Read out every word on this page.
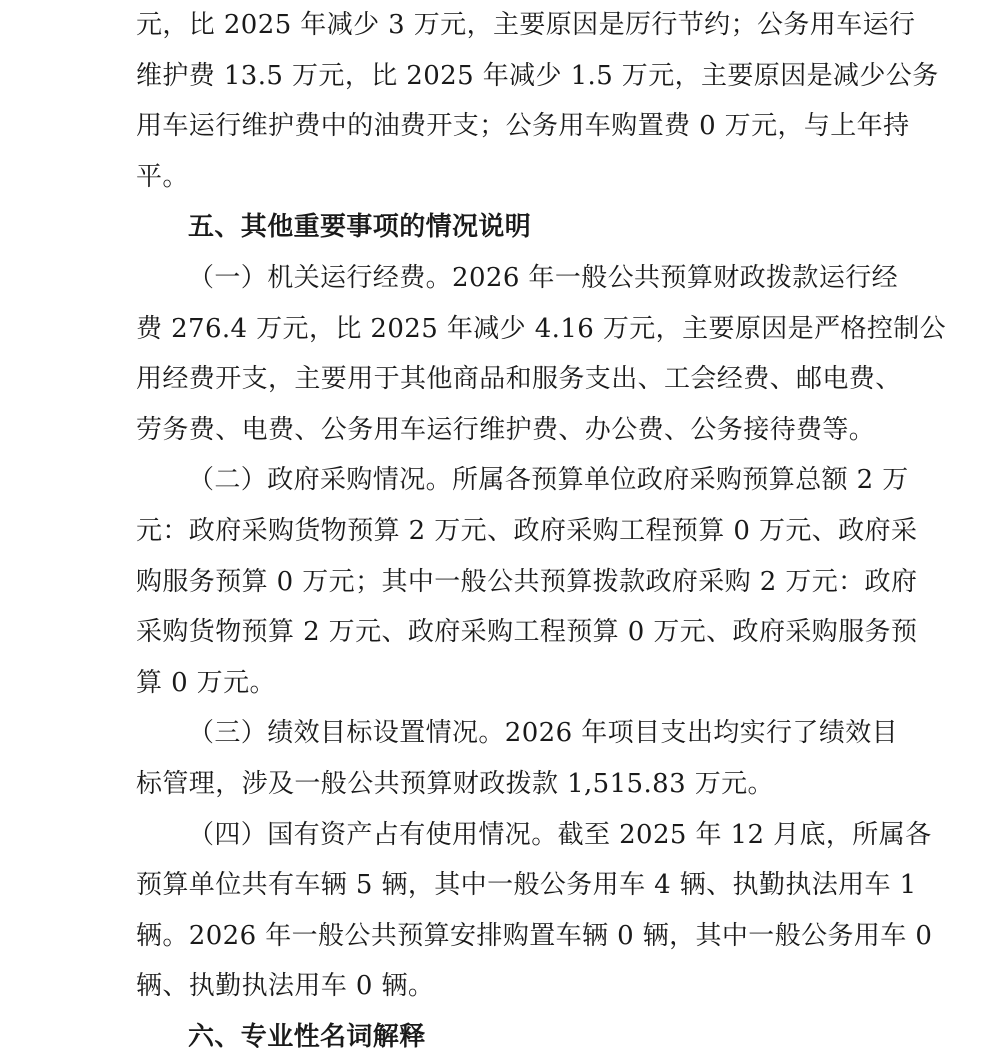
元，比 2025 年减少 3 万元，主要原因是厉行节约；公务用车运行
维护费 13.5 万元，比 2025 年减少 1.5 万元，主要原因是减少公务
用车运行维护费中的油费开支；公务用车购置费 0 万元，与上年持
平。
五、其他重要事项的情况说明
（一）机关运行经费。2026 年一般公共预算财政拨款运行经
费 276.4 万元，比 2025 年减少 4.16 万元，主要原因是严格控制公
用经费开支，主要用于其他商品和服务支出、工会经费、邮电费、
劳务费、电费、公务用车运行维护费、办公费、公务接待费等。
（二）政府采购情况。所属各预算单位政府采购预算总额 2 万
元：政府采购货物预算 2 万元、政府采购工程预算 0 万元、政府采
购服务预算 0 万元；其中一般公共预算拨款政府采购 2 万元：政府
采购货物预算 2 万元、政府采购工程预算 0 万元、政府采购服务预
算 0 万元。
（三）绩效目标设置情况。2026 年项目支出均实行了绩效目
标管理，涉及一般公共预算财政拨款 1,515.83 万元。
（四）国有资产占有使用情况。截至 2025 年 12 月底，所属各
预算单位共有车辆 5 辆，其中一般公务用车 4 辆、执勤执法用车 1
辆。2026 年一般公共预算安排购置车辆 0 辆，其中一般公务用车 0
辆、执勤执法用车 0 辆。
六、专业性名词解释
